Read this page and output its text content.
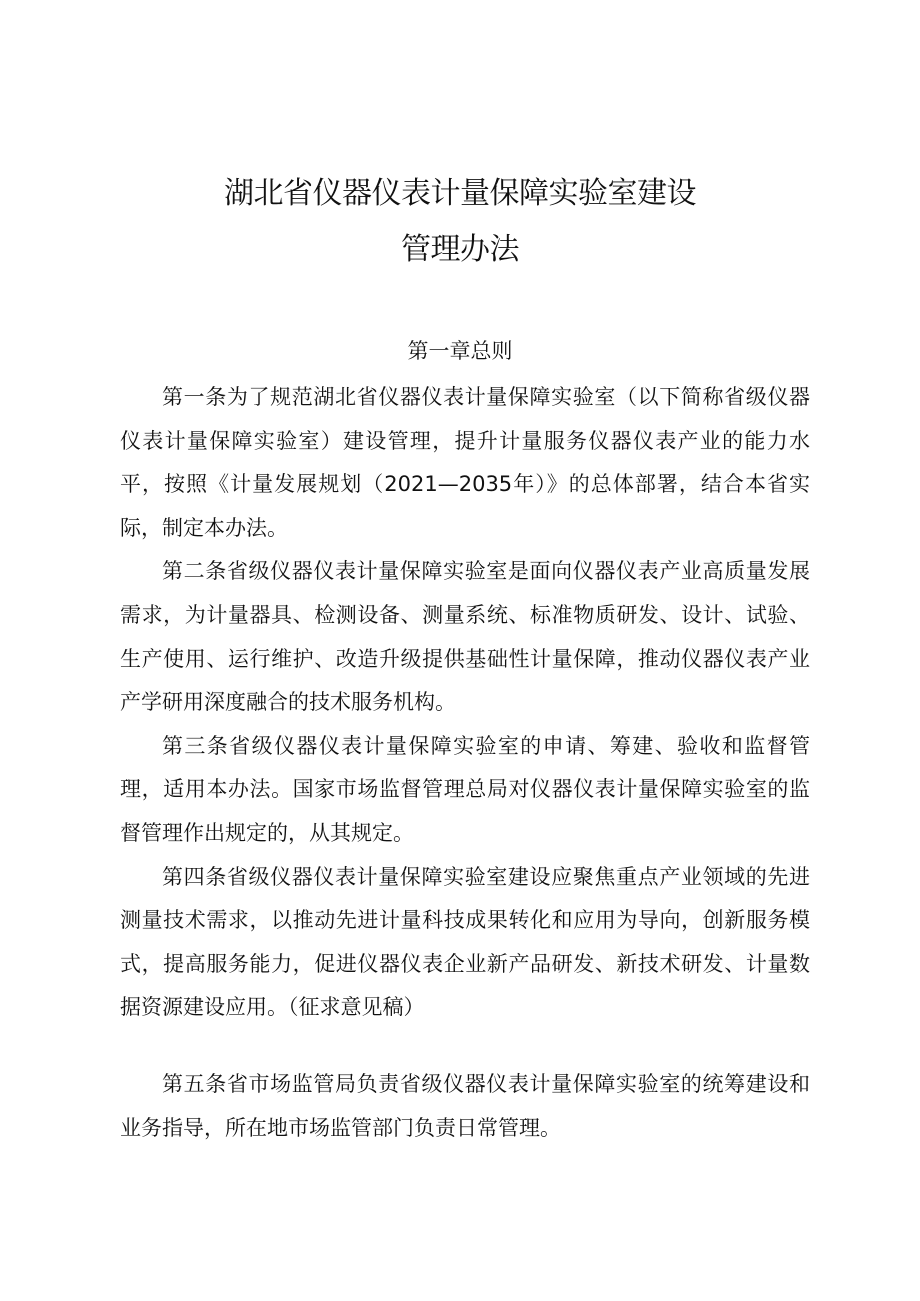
湖北省仪器仪表计量保障实验室建设
管理办法
第一章总则

第一条为了规范湖北省仪器仪表计量保障实验室（以下简称省级仪器仪表计量保障实验室）建设管理，提升计量服务仪器仪表产业的能力水平，按照《计量发展规划（2021—2035年）》的总体部署，结合本省实际，制定本办法。

第二条省级仪器仪表计量保障实验室是面向仪器仪表产业高质量发展需求，为计量器具、检测设备、测量系统、标准物质研发、设计、试验、生产使用、运行维护、改造升级提供基础性计量保障，推动仪器仪表产业产学研用深度融合的技术服务机构。

第三条省级仪器仪表计量保障实验室的申请、筹建、验收和监督管理，适用本办法。国家市场监督管理总局对仪器仪表计量保障实验室的监督管理作出规定的，从其规定。

第四条省级仪器仪表计量保障实验室建设应聚焦重点产业领域的先进测量技术需求，以推动先进计量科技成果转化和应用为导向，创新服务模式，提高服务能力，促进仪器仪表企业新产品研发、新技术研发、计量数据资源建设应用。（征求意见稿）

第五条省市场监管局负责省级仪器仪表计量保障实验室的统筹建设和业务指导，所在地市场监管部门负责日常管理。
